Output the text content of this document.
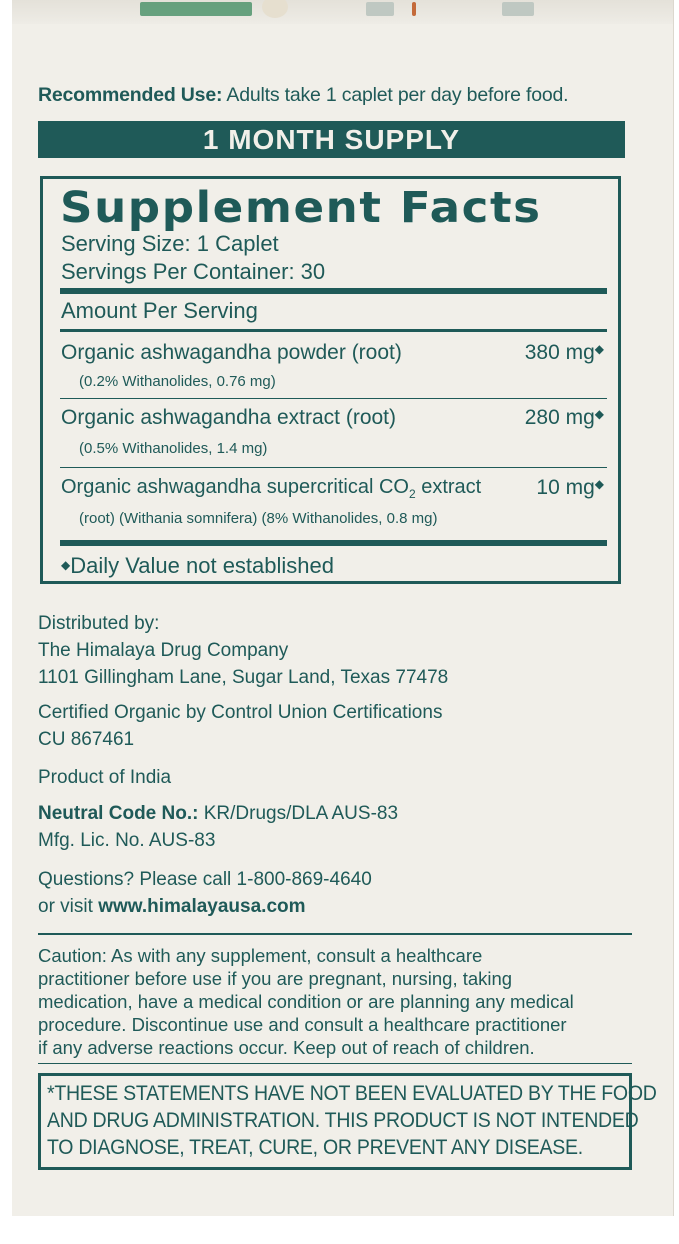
Recommended Use: Adults take 1 caplet per day before food.
1 MONTH SUPPLY
Supplement Facts
Serving Size: 1 Caplet
Servings Per Container: 30
Amount Per Serving
Organic ashwagandha powder (root)	380 mg◆
(0.2% Withanolides, 0.76 mg)
Organic ashwagandha extract (root)	280 mg◆
(0.5% Withanolides, 1.4 mg)
Organic ashwagandha supercritical $CO_2$ extract	10 mg◆
(root) (Withania somnifera) (8% Withanolides, 0.8 mg)
◆Daily Value not established
Distributed by:
The Himalaya Drug Company
1101 Gillingham Lane, Sugar Land, Texas 77478
Certified Organic by Control Union Certifications
CU 867461
Product of India
Neutral Code No.: KR/Drugs/DLA AUS-83
Mfg. Lic. No. AUS-83
Questions? Please call 1-800-869-4640
or visit www.himalayausa.com
Caution: As with any supplement, consult a healthcare
practitioner before use if you are pregnant, nursing, taking
medication, have a medical condition or are planning any medical
procedure. Discontinue use and consult a healthcare practitioner
if any adverse reactions occur. Keep out of reach of children.
*THESE STATEMENTS HAVE NOT BEEN EVALUATED BY THE FOOD
AND DRUG ADMINISTRATION. THIS PRODUCT IS NOT INTENDED
TO DIAGNOSE, TREAT, CURE, OR PREVENT ANY DISEASE.
